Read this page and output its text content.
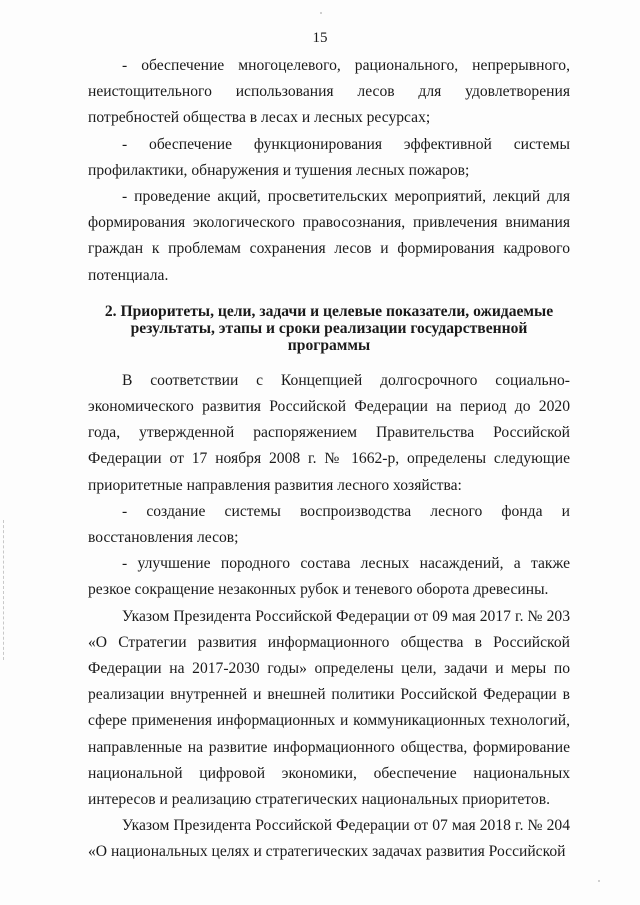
15

- обеспечение многоцелевого, рационального, непрерывного, неистощительного использования лесов для удовлетворения потребностей общества в лесах и лесных ресурсах;

- обеспечение функционирования эффективной системы профилактики, обнаружения и тушения лесных пожаров;

- проведение акций, просветительских мероприятий, лекций для формирования экологического правосознания, привлечения внимания граждан к проблемам сохранения лесов и формирования кадрового потенциала.

2. Приоритеты, цели, задачи и целевые показатели, ожидаемые результаты, этапы и сроки реализации государственной программы

В соответствии с Концепцией долгосрочного социально-экономического развития Российской Федерации на период до 2020 года, утвержденной распоряжением Правительства Российской Федерации от 17 ноября 2008 г. № 1662-р, определены следующие приоритетные направления развития лесного хозяйства:

- создание системы воспроизводства лесного фонда и восстановления лесов;

- улучшение породного состава лесных насаждений, а также резкое сокращение незаконных рубок и теневого оборота древесины.

Указом Президента Российской Федерации от 09 мая 2017 г. № 203 «О Стратегии развития информационного общества в Российской Федерации на 2017-2030 годы» определены цели, задачи и меры по реализации внутренней и внешней политики Российской Федерации в сфере применения информационных и коммуникационных технологий, направленные на развитие информационного общества, формирование национальной цифровой экономики, обеспечение национальных интересов и реализацию стратегических национальных приоритетов.

Указом Президента Российской Федерации от 07 мая 2018 г. № 204 «О национальных целях и стратегических задачах развития Российской
